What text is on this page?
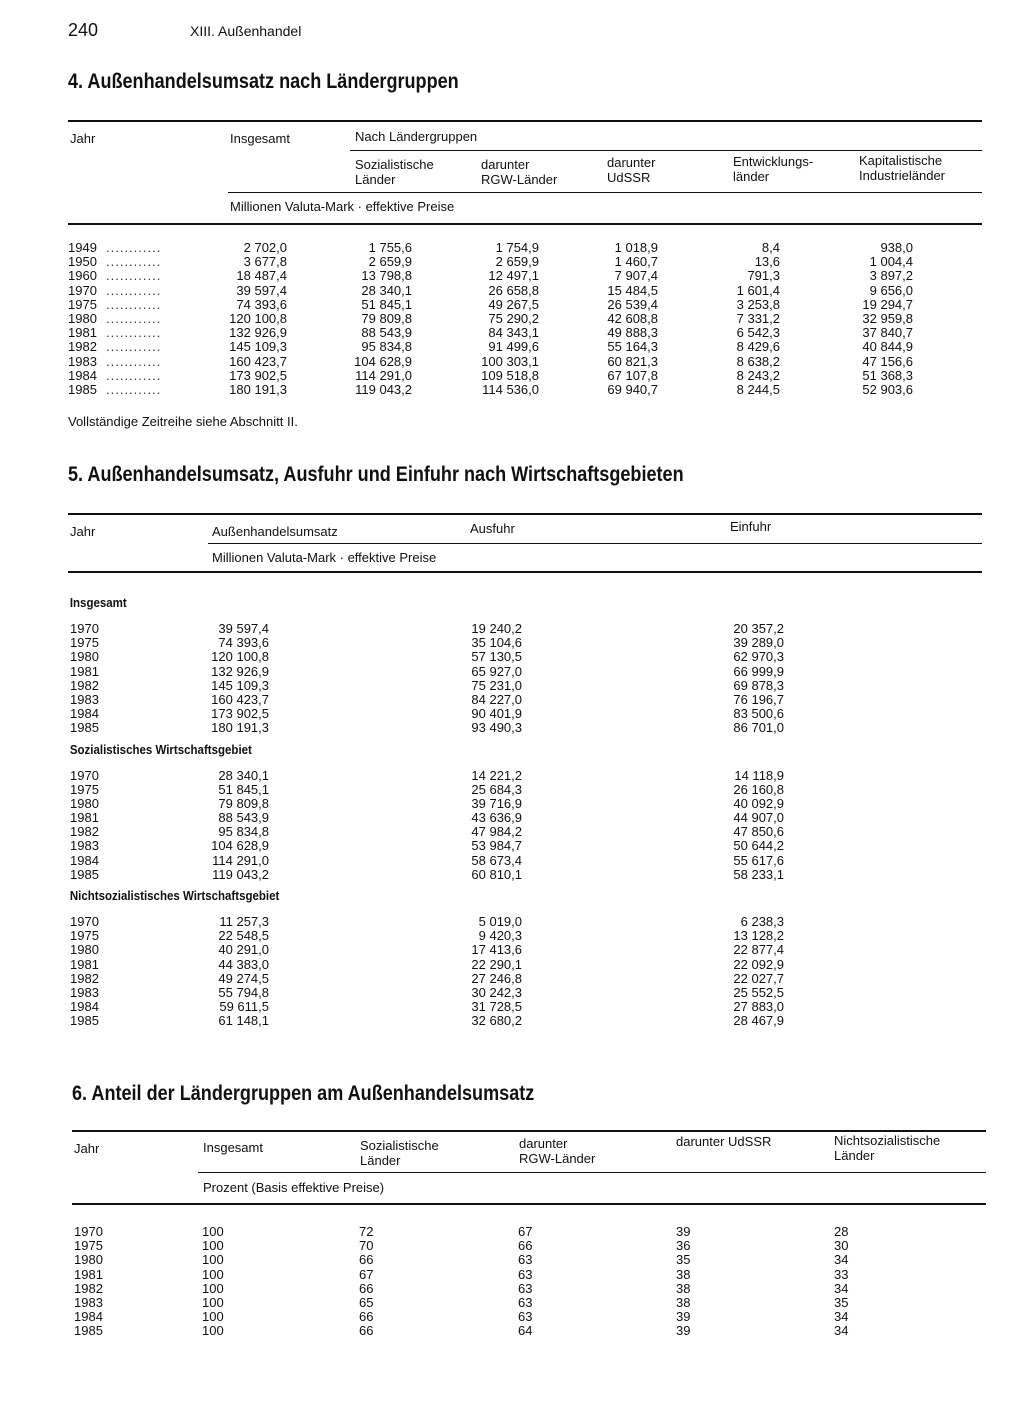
240	XIII. Außenhandel
4. Außenhandelsumsatz nach Ländergruppen
Jahr	Insgesamt	Nach Ländergruppen
Sozialistische
Länder
darunter
RGW-Länder
darunter
UdSSR
Entwicklungs-
länder
Kapitalistische
Industrieländer
Millionen Valuta-Mark · effektive Preise
1949 ............	2 702,0	1 755,6	1 754,9	1 018,9	8,4	938,0
1950 ............	3 677,8	2 659,9	2 659,9	1 460,7	13,6	1 004,4
1960 ............	18 487,4	13 798,8	12 497,1	7 907,4	791,3	3 897,2
1970 ............	39 597,4	28 340,1	26 658,8	15 484,5	1 601,4	9 656,0
1975 ............	74 393,6	51 845,1	49 267,5	26 539,4	3 253,8	19 294,7
1980 ............	120 100,8	79 809,8	75 290,2	42 608,8	7 331,2	32 959,8
1981 ............	132 926,9	88 543,9	84 343,1	49 888,3	6 542,3	37 840,7
1982 ............	145 109,3	95 834,8	91 499,6	55 164,3	8 429,6	40 844,9
1983 ............	160 423,7	104 628,9	100 303,1	60 821,3	8 638,2	47 156,6
1984 ............	173 902,5	114 291,0	109 518,8	67 107,8	8 243,2	51 368,3
1985 ............	180 191,3	119 043,2	114 536,0	69 940,7	8 244,5	52 903,6
Vollständige Zeitreihe siehe Abschnitt II.
5. Außenhandelsumsatz, Ausfuhr und Einfuhr nach Wirtschaftsgebieten
Jahr	Außenhandelsumsatz	Ausfuhr	Einfuhr
Millionen Valuta-Mark · effektive Preise
Insgesamt
1970	39 597,4	19 240,2	20 357,2
1975	74 393,6	35 104,6	39 289,0
1980	120 100,8	57 130,5	62 970,3
1981	132 926,9	65 927,0	66 999,9
1982	145 109,3	75 231,0	69 878,3
1983	160 423,7	84 227,0	76 196,7
1984	173 902,5	90 401,9	83 500,6
1985	180 191,3	93 490,3	86 701,0
Sozialistisches Wirtschaftsgebiet
1970	28 340,1	14 221,2	14 118,9
1975	51 845,1	25 684,3	26 160,8
1980	79 809,8	39 716,9	40 092,9
1981	88 543,9	43 636,9	44 907,0
1982	95 834,8	47 984,2	47 850,6
1983	104 628,9	53 984,7	50 644,2
1984	114 291,0	58 673,4	55 617,6
1985	119 043,2	60 810,1	58 233,1
Nichtsozialistisches Wirtschaftsgebiet
1970	11 257,3	5 019,0	6 238,3
1975	22 548,5	9 420,3	13 128,2
1980	40 291,0	17 413,6	22 877,4
1981	44 383,0	22 290,1	22 092,9
1982	49 274,5	27 246,8	22 027,7
1983	55 794,8	30 242,3	25 552,5
1984	59 611,5	31 728,5	27 883,0
1985	61 148,1	32 680,2	28 467,9
6. Anteil der Ländergruppen am Außenhandelsumsatz
Jahr	Insgesamt	Sozialistische
Länder
darunter
RGW-Länder
darunter UdSSR	Nichtsozialistische
Länder
Prozent (Basis effektive Preise)
1970	100	72	67	39	28
1975	100	70	66	36	30
1980	100	66	63	35	34
1981	100	67	63	38	33
1982	100	66	63	38	34
1983	100	65	63	38	35
1984	100	66	63	39	34
1985	100	66	64	39	34
